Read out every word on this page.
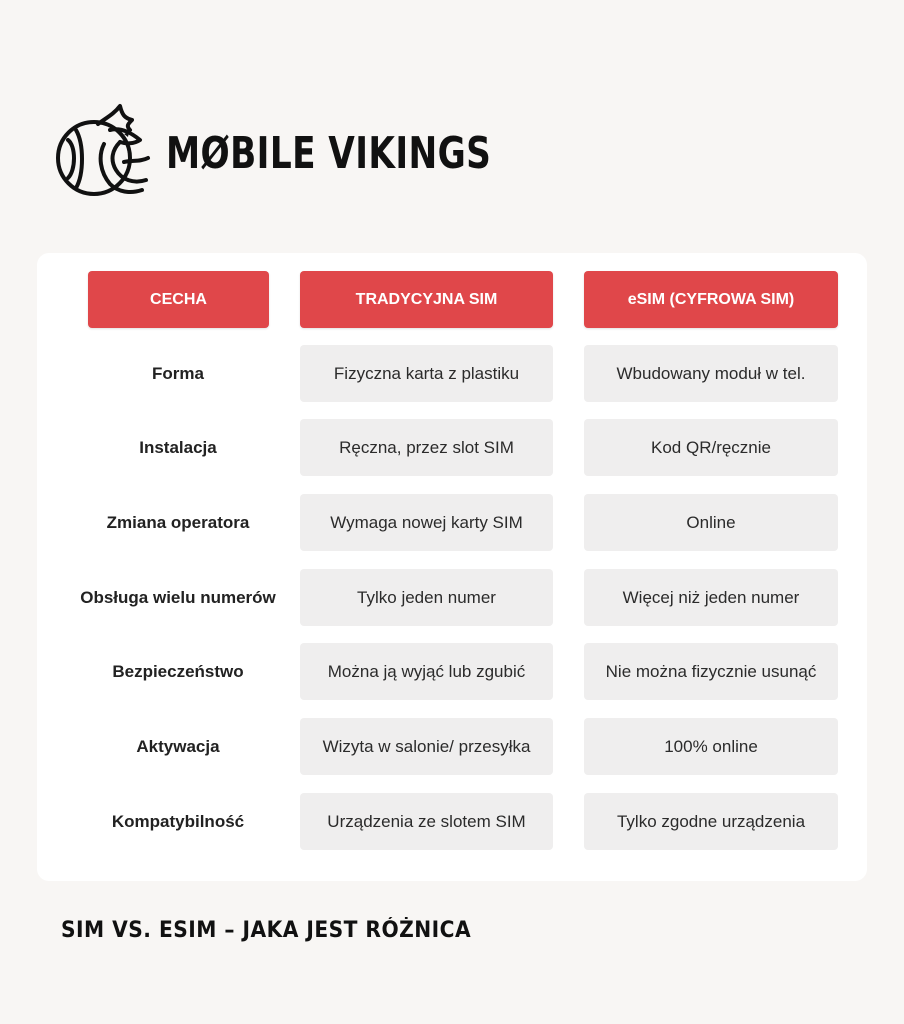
MØBILE VIKINGS
CECHA	TRADYCYJNA SIM	eSIM (CYFROWA SIM)
Forma	Fizyczna karta z plastiku	Wbudowany moduł w tel.
Instalacja	Ręczna, przez slot SIM	Kod QR/ręcznie
Zmiana operatora	Wymaga nowej karty SIM	Online
Obsługa wielu numerów	Tylko jeden numer	Więcej niż jeden numer
Bezpieczeństwo	Można ją wyjąć lub zgubić	Nie można fizycznie usunąć
Aktywacja	Wizyta w salonie/ przesyłka	100% online
Kompatybilność	Urządzenia ze slotem SIM	Tylko zgodne urządzenia
SIM VS. ESIM – JAKA JEST RÓŻNICA
